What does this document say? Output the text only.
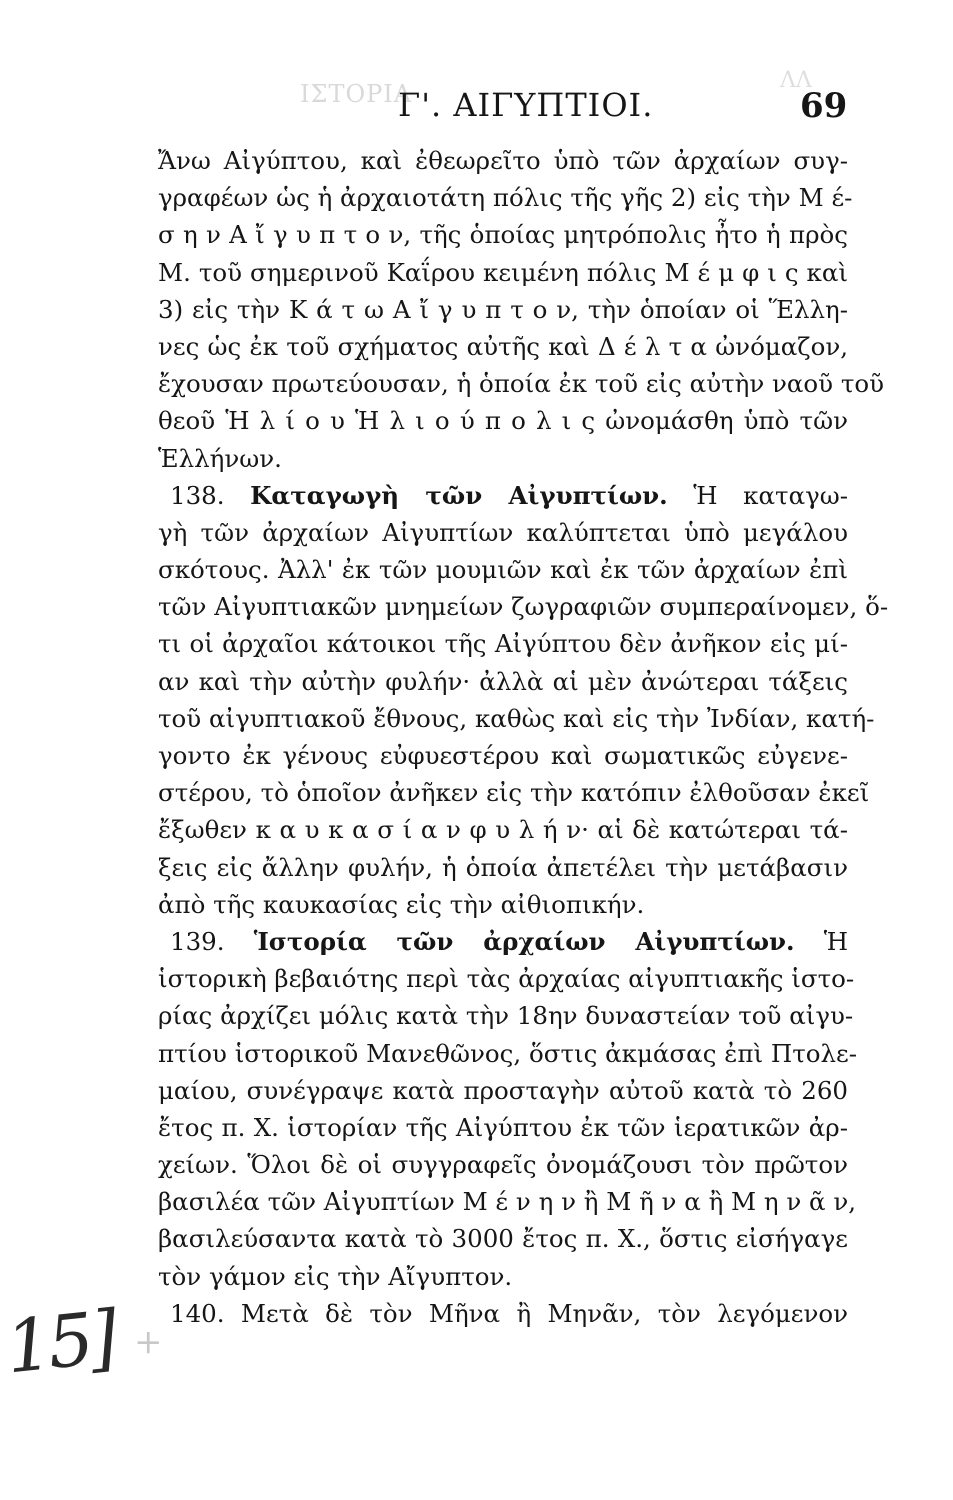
ΙΣΤΟΡΙΑ	ΛΛ
Γ'. ΑΙΓΥΠΤΙΟΙ.	69
Ἄνω Αἰγύπτου, καὶ ἐθεωρεῖτο ὑπὸ τῶν ἀρχαίων συγ-
γραφέων ὡς ἡ ἀρχαιοτάτη πόλις τῆς γῆς 2) εἰς τὴν Μ έ-
σ η ν Α ἴ γ υ π τ ο ν, τῆς ὁποίας μητρόπολις ἦτο ἡ πρὸς
Μ. τοῦ σημερινοῦ Καΐρου κειμένη πόλις Μ έ μ φ ι ς καὶ
3) εἰς τὴν Κ ά τ ω Α ἴ γ υ π τ ο ν, τὴν ὁποίαν οἱ Ἕλλη-
νες ὡς ἐκ τοῦ σχήματος αὐτῆς καὶ Δ έ λ τ α ὠνόμαζον,
ἔχουσαν πρωτεύουσαν, ἡ ὁποία ἐκ τοῦ εἰς αὐτὴν ναοῦ τοῦ
θεοῦ Ἡ λ ί ο υ Ἡ λ ι ο ύ π ο λ ι ς ὠνομάσθη ὑπὸ τῶν
Ἑλλήνων.
138. Καταγωγὴ τῶν Αἰγυπτίων. Ἡ καταγω-
γὴ τῶν ἀρχαίων Αἰγυπτίων καλύπτεται ὑπὸ μεγάλου
σκότους. Ἀλλ' ἐκ τῶν μουμιῶν καὶ ἐκ τῶν ἀρχαίων ἐπὶ
τῶν Αἰγυπτιακῶν μνημείων ζωγραφιῶν συμπεραίνομεν, ὅ-
τι οἱ ἀρχαῖοι κάτοικοι τῆς Αἰγύπτου δὲν ἀνῆκον εἰς μί-
αν καὶ τὴν αὐτὴν φυλήν· ἀλλὰ αἱ μὲν ἀνώτεραι τάξεις
τοῦ αἰγυπτιακοῦ ἔθνους, καθὼς καὶ εἰς τὴν Ἰνδίαν, κατή-
γοντο ἐκ γένους εὐφυεστέρου καὶ σωματικῶς εὐγενε-
στέρου, τὸ ὁποῖον ἀνῆκεν εἰς τὴν κατόπιν ἐλθοῦσαν ἐκεῖ
ἔξωθεν κ α υ κ α σ ί α ν φ υ λ ή ν· αἱ δὲ κατώτεραι τά-
ξεις εἰς ἄλλην φυλήν, ἡ ὁποία ἀπετέλει τὴν μετάβασιν
ἀπὸ τῆς καυκασίας εἰς τὴν αἰθιοπικήν.
139. Ἱστορία τῶν ἀρχαίων Αἰγυπτίων. Ἡ
ἱστορικὴ βεβαιότης περὶ τὰς ἀρχαίας αἰγυπτιακῆς ἱστο-
ρίας ἀρχίζει μόλις κατὰ τὴν 18ην δυναστείαν τοῦ αἰγυ-
πτίου ἱστορικοῦ Μανεθῶνος, ὅστις ἀκμάσας ἐπὶ Πτολε-
μαίου, συνέγραψε κατὰ προσταγὴν αὐτοῦ κατὰ τὸ 260
ἔτος π. Χ. ἱστορίαν τῆς Αἰγύπτου ἐκ τῶν ἱερατικῶν ἀρ-
χείων. Ὅλοι δὲ οἱ συγγραφεῖς ὀνομάζουσι τὸν πρῶτον
βασιλέα τῶν Αἰγυπτίων Μ έ ν η ν ἢ Μ ῆ ν α ἢ Μ η ν ᾶ ν,
βασιλεύσαντα κατὰ τὸ 3000 ἔτος π. Χ., ὅστις εἰσήγαγε
τὸν γάμον εἰς τὴν Αἴγυπτον.
140. Μετὰ δὲ τὸν Μῆνα ἢ Μηνᾶν, τὸν λεγόμενον
+
15]
